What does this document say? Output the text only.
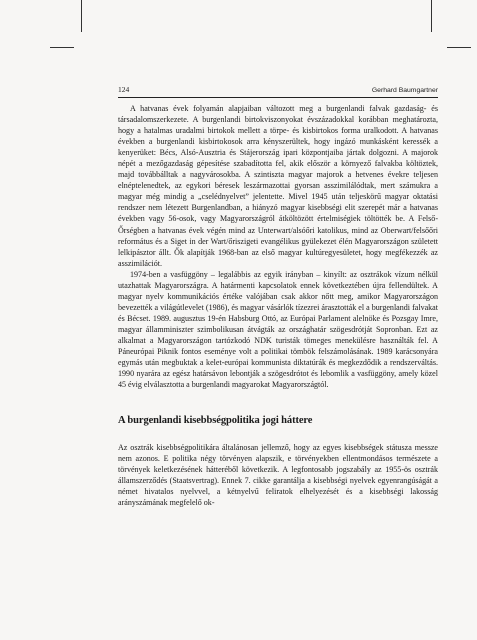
124	Gerhard Baumgartner

A hatvanas évek folyamán alapjaiban változott meg a burgenlandi falvak gazdaság- és társadalomszerkezete. A burgenlandi birtokviszonyokat évszázadokkal korábban meghatározta, hogy a hatalmas uradalmi birtokok mellett a törpe- és kisbirtokos forma uralkodott. A hatvanas években a burgenlandi kisbirtokosok arra kényszerültek, hogy ingázó munkásként keressék a kenyerüket: Bécs, Alsó-Ausztria és Stájerország ipari központjaiba jártak dolgozni. A majorok népét a mezőgazdaság gépesítése szabadította fel, akik először a környező falvakba költöztek, majd továbbálltak a nagyvárosokba. A szintiszta magyar majorok a hetvenes évekre teljesen elnéptelenedtek, az egykori béresek leszármazottai gyorsan asszimilálódtak, mert számukra a magyar még mindig a „cselédnyelvet” jelentette. Mivel 1945 után teljeskörű magyar oktatási rendszer nem létezett Burgenlandban, a hiányzó magyar kisebbségi elit szerepét már a hatvanas években vagy 56-osok, vagy Magyarországról átköltözött értelmiségiek töltötték be. A Felső-Őrségben a hatvanas évek végén mind az Unterwart/alsóőri katolikus, mind az Oberwart/felsőőri református és a Siget in der Wart/őriszigeti evangélikus gyülekezet élén Magyarországon született lelkipásztor állt. Ők alapítják 1968-ban az első magyar kultúregyesületet, hogy megfékezzék az asszimilációt.

1974-ben a vasfüggöny – legalábbis az egyik irányban – kinyílt: az osztrákok vízum nélkül utazhattak Magyarországra. A határmenti kapcsolatok ennek következtében újra fellendültek. A magyar nyelv kommunikációs értéke valójában csak akkor nőtt meg, amikor Magyarországon bevezették a világútlevelet (1986), és magyar vásárlók tízezrei árasztották el a burgenlandi falvakat és Bécset. 1989. augusztus 19-én Habsburg Ottó, az Európai Parlament alelnöke és Pozsgay Imre, magyar államminiszter szimbolikusan átvágták az országhatár szögesdrótját Sopronban. Ezt az alkalmat a Magyarországon tartózkodó NDK turisták tömeges menekülésre használták fel. A Páneurópai Piknik fontos eseménye volt a politikai tömbök felszámolásának. 1989 karácsonyára egymás után megbuktak a kelet-európai kommunista diktatúrák és megkezdődik a rendszerváltás. 1990 nyarára az egész határsávon lebontják a szögesdrótot és lebomlik a vasfüggöny, amely közel 45 évig elválasztotta a burgenlandi magyarokat Magyarországtól.

A burgenlandi kisebbségpolitika jogi háttere

Az osztrák kisebbségpolitikára általánosan jellemző, hogy az egyes kisebbségek státusza messze nem azonos. E politika négy törvényen alapszik, e törvényekben ellentmondásos természete a törvények keletkezésének hátteréből következik. A legfontosabb jogszabály az 1955-ös osztrák államszerződés (Staatsvertrag). Ennek 7. cikke garantálja a kisebbségi nyelvek egyenrangúságát a német hivatalos nyelvvel, a kétnyelvű feliratok elhelyezését és a kisebbségi lakosság arányszámának megfelelő ok-
